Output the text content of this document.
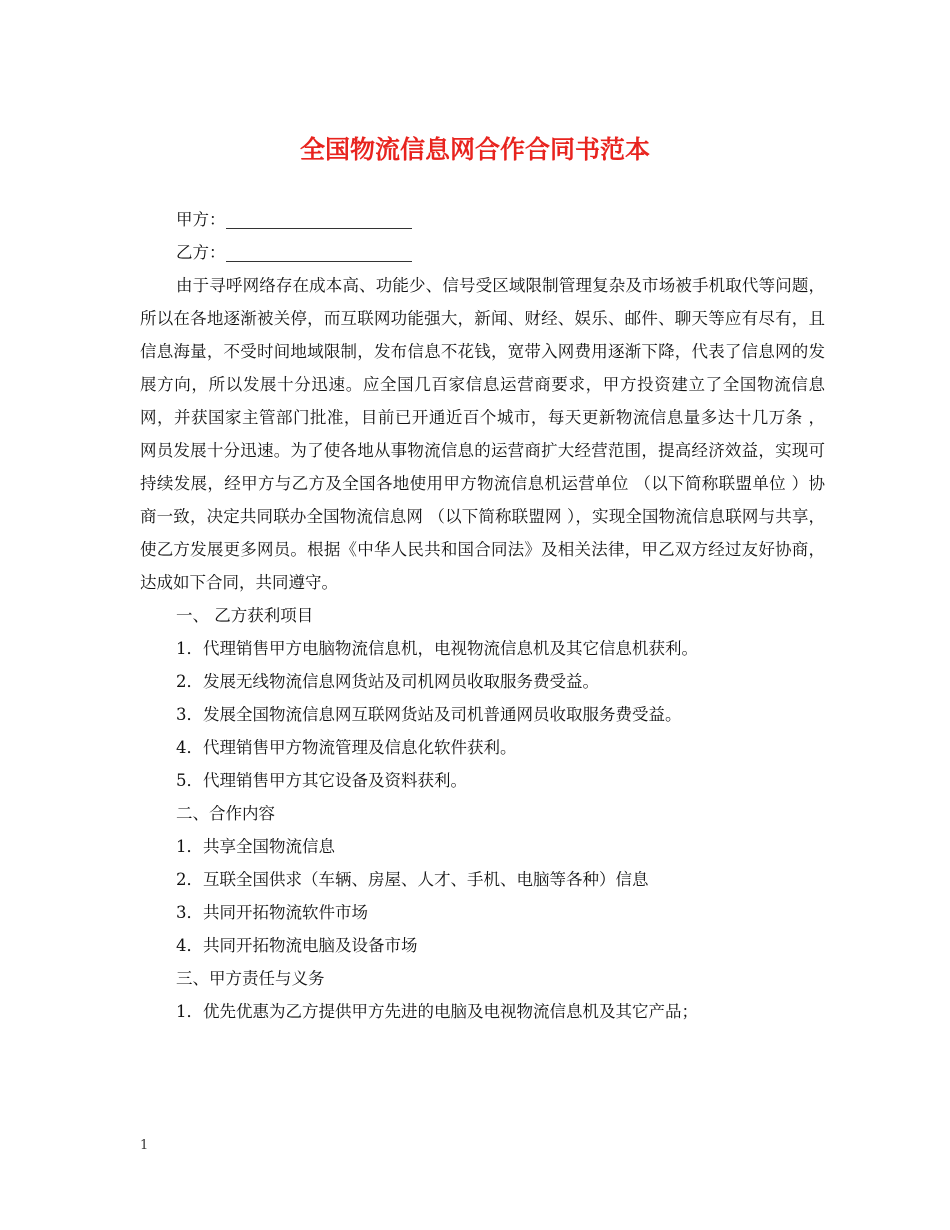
全国物流信息网合作合同书范本
甲方：
乙方：

由于寻呼网络存在成本高、功能少、信号受区域限制管理复杂及市场被手机取代等问题，所以在各地逐渐被关停，而互联网功能强大，新闻、财经、娱乐、邮件、聊天等应有尽有，且信息海量，不受时间地域限制，发布信息不花钱，宽带入网费用逐渐下降，代表了信息网的发展方向，所以发展十分迅速。应全国几百家信息运营商要求，甲方投资建立了全国物流信息网，并获国家主管部门批准，目前已开通近百个城市，每天更新物流信息量多达十几万条 ， 网员发展十分迅速。为了使各地从事物流信息的运营商扩大经营范围，提高经济效益，实现可持续发展，经甲方与乙方及全国各地使用甲方物流信息机运营单位 （以下简称联盟单位 ）协商一致，决定共同联办全国物流信息网 （以下简称联盟网 ），实现全国物流信息联网与共享，使乙方发展更多网员。根据《中华人民共和国合同法》及相关法律，甲乙双方经过友好协商，达成如下合同，共同遵守。

一、 乙方获利项目
1．代理销售甲方电脑物流信息机，电视物流信息机及其它信息机获利。
2．发展无线物流信息网货站及司机网员收取服务费受益。
3．发展全国物流信息网互联网货站及司机普通网员收取服务费受益。
4．代理销售甲方物流管理及信息化软件获利。
5．代理销售甲方其它设备及资料获利。
二、合作内容
1．共享全国物流信息
2．互联全国供求（车辆、房屋、人才、手机、电脑等各种）信息
3．共同开拓物流软件市场
4．共同开拓物流电脑及设备市场
三、甲方责任与义务
1．优先优惠为乙方提供甲方先进的电脑及电视物流信息机及其它产品；
1
